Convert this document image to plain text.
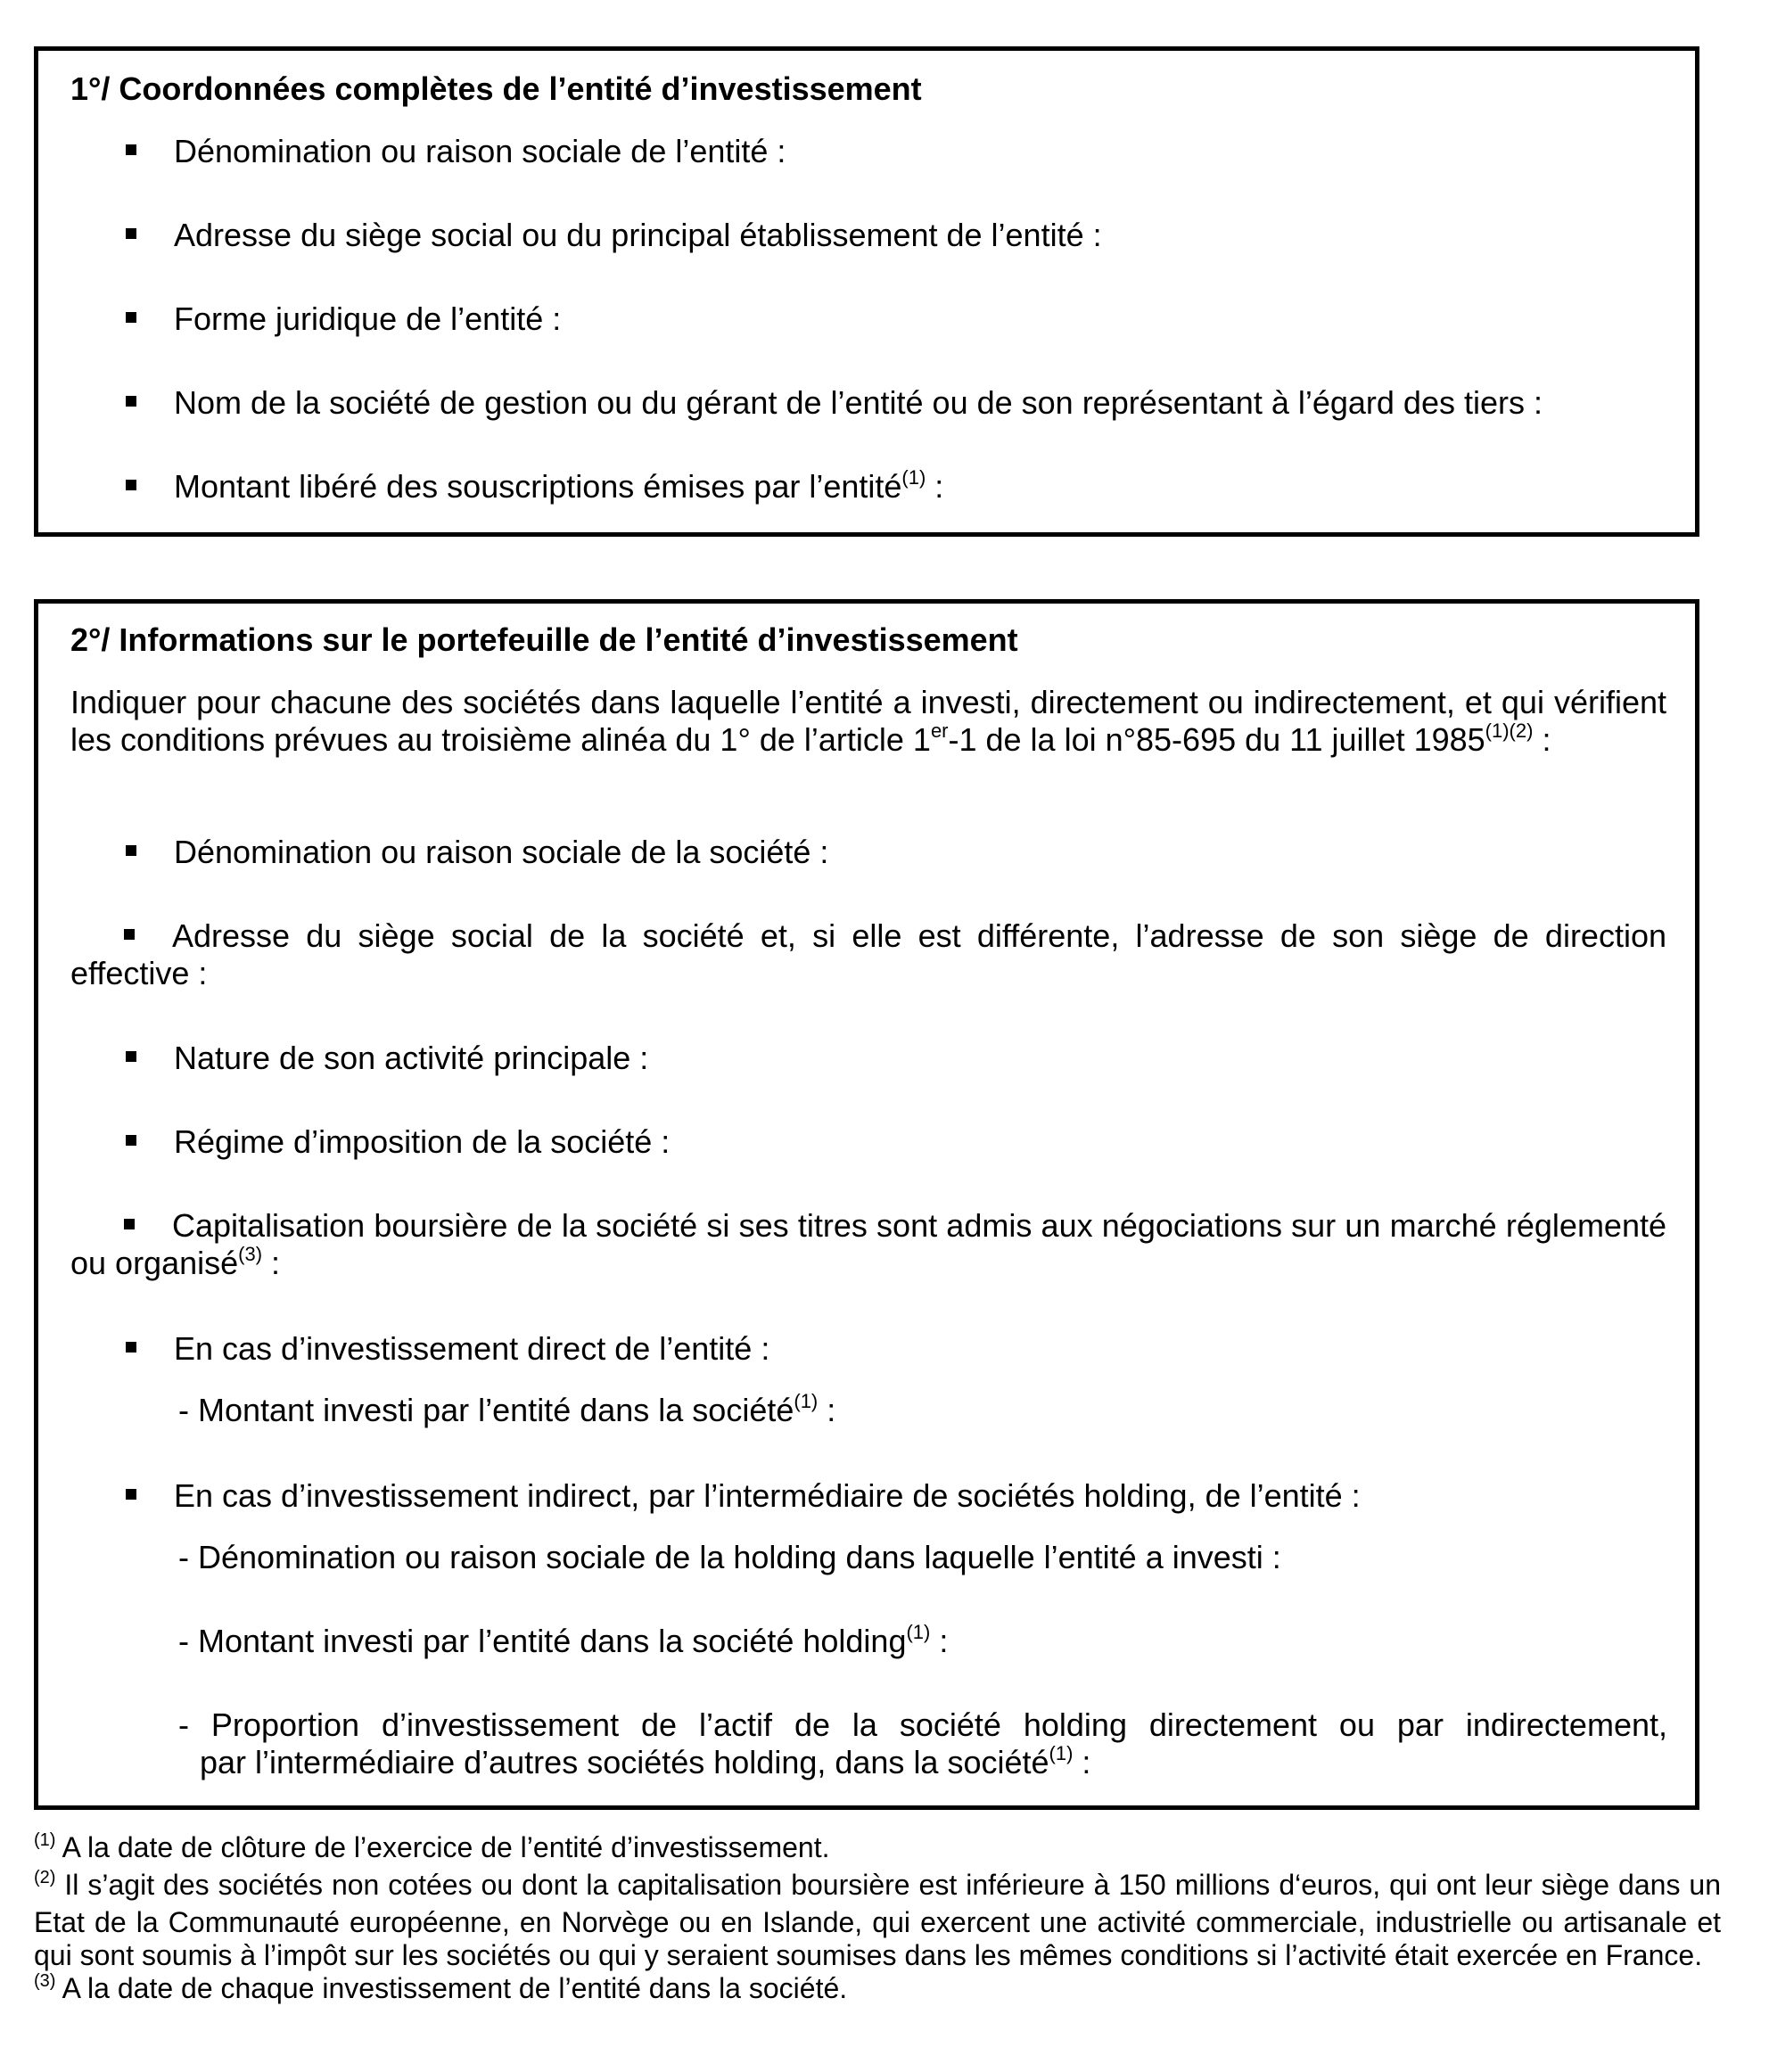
1°/ Coordonnées complètes de l’entité d’investissement
Dénomination ou raison sociale de l’entité :
Adresse du siège social ou du principal établissement de l’entité :
Forme juridique de l’entité :
Nom de la société de gestion ou du gérant de l’entité ou de son représentant à l’égard des tiers :
Montant libéré des souscriptions émises par l’entité$^{(1)}$ :
2°/ Informations sur le portefeuille de l’entité d’investissement
Indiquer pour chacune des sociétés dans laquelle l’entité a investi, directement ou indirectement, et qui vérifient les conditions prévues au troisième alinéa du 1° de l’article 1er-1 de la loi n°85-695 du 11 juillet $1985^{(1)(2)}$ :
Dénomination ou raison sociale de la société :
Adresse du siège social de la société et, si elle est différente, l’adresse de son siège de direction effective :
Nature de son activité principale :
Régime d’imposition de la société :
Capitalisation boursière de la société si ses titres sont admis aux négociations sur un marché réglementé ou organisé$^{(3)}$ :
En cas d’investissement direct de l’entité :
- Montant investi par l’entité dans la société$^{(1)}$ :
En cas d’investissement indirect, par l’intermédiaire de sociétés holding, de l’entité :
- Dénomination ou raison sociale de la holding dans laquelle l’entité a investi :
- Montant investi par l’entité dans la société holding$^{(1)}$ :
- Proportion d’investissement de l’actif de la société holding directement ou par indirectement,
par l’intermédiaire d’autres sociétés holding, dans la société$^{(1)}$ :
$^{(1)}$ A la date de clôture de l’exercice de l’entité d’investissement.
$^{(2)}$ Il s’agit des sociétés non cotées ou dont la capitalisation boursière est inférieure à 150 millions d‘euros, qui ont leur siège dans un Etat de la Communauté européenne, en Norvège ou en Islande, qui exercent une activité commerciale, industrielle ou artisanale et qui sont soumis à l’impôt sur les sociétés ou qui y seraient soumises dans les mêmes conditions si l’activité était exercée en France.
$^{(3)}$ A la date de chaque investissement de l’entité dans la société.
